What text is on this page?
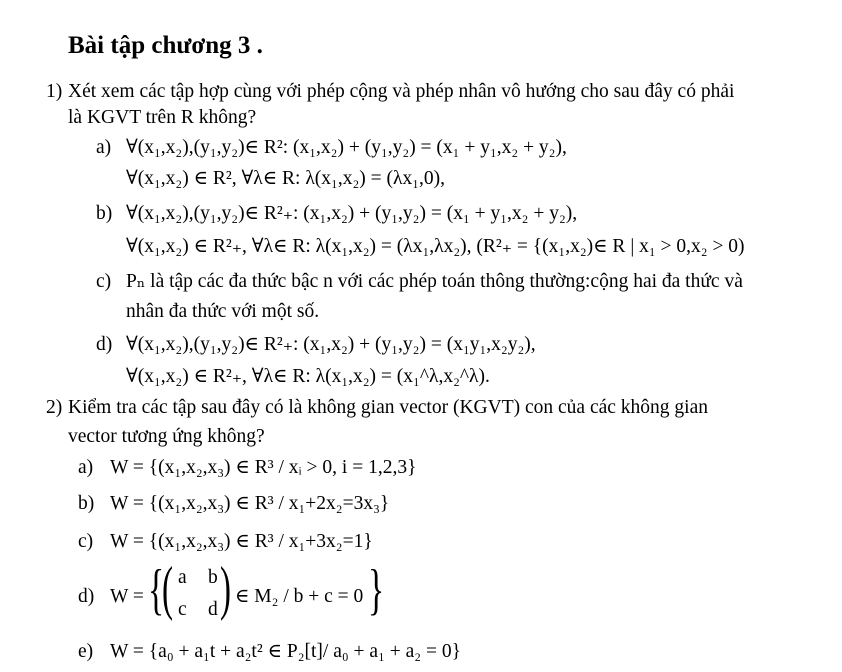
Bài tập chương 3 .
1) Xét xem các tập hợp cùng với phép cộng và phép nhân vô hướng cho sau đây có phải
là KGVT trên R không?
a) ∀(x₁,x₂),(y₁,y₂)∈ R²: (x₁,x₂) + (y₁,y₂) = (x₁ + y₁,x₂ + y₂),
∀(x₁,x₂) ∈ R², ∀λ∈ R: λ(x₁,x₂) = (λx₁,0),
b) ∀(x₁,x₂),(y₁,y₂)∈ R²₊: (x₁,x₂) + (y₁,y₂) = (x₁ + y₁,x₂ + y₂),
∀(x₁,x₂) ∈ R²₊, ∀λ∈ R: λ(x₁,x₂) = (λx₁,λx₂), (R²₊ = {(x₁,x₂)∈ R | x₁ > 0,x₂ > 0)
c) Pₙ là tập các đa thức bậc n với các phép toán thông thường:cộng hai đa thức và
nhân đa thức với một số.
d) ∀(x₁,x₂),(y₁,y₂)∈ R²₊: (x₁,x₂) + (y₁,y₂) = (x₁y₁,x₂y₂),
∀(x₁,x₂) ∈ R²₊, ∀λ∈ R: λ(x₁,x₂) = (x₁^λ,x₂^λ).
2) Kiểm tra các tập sau đây có là không gian vector (KGVT) con của các không gian
vector tương ứng không?
a) W = {(x₁,x₂,x₃) ∈ R³ / xᵢ > 0, i = 1,2,3}
b) W = {(x₁,x₂,x₃) ∈ R³ / x₁+2x₂=3x₃}
c) W = {(x₁,x₂,x₃) ∈ R³ / x₁+3x₂=1}
d) W = {
( a b
c d ) ∈ M₂ / b + c = 0 }
e) W = {a₀ + a₁t + a₂t² ∈ P₂[t]/ a₀ + a₁ + a₂ = 0}
